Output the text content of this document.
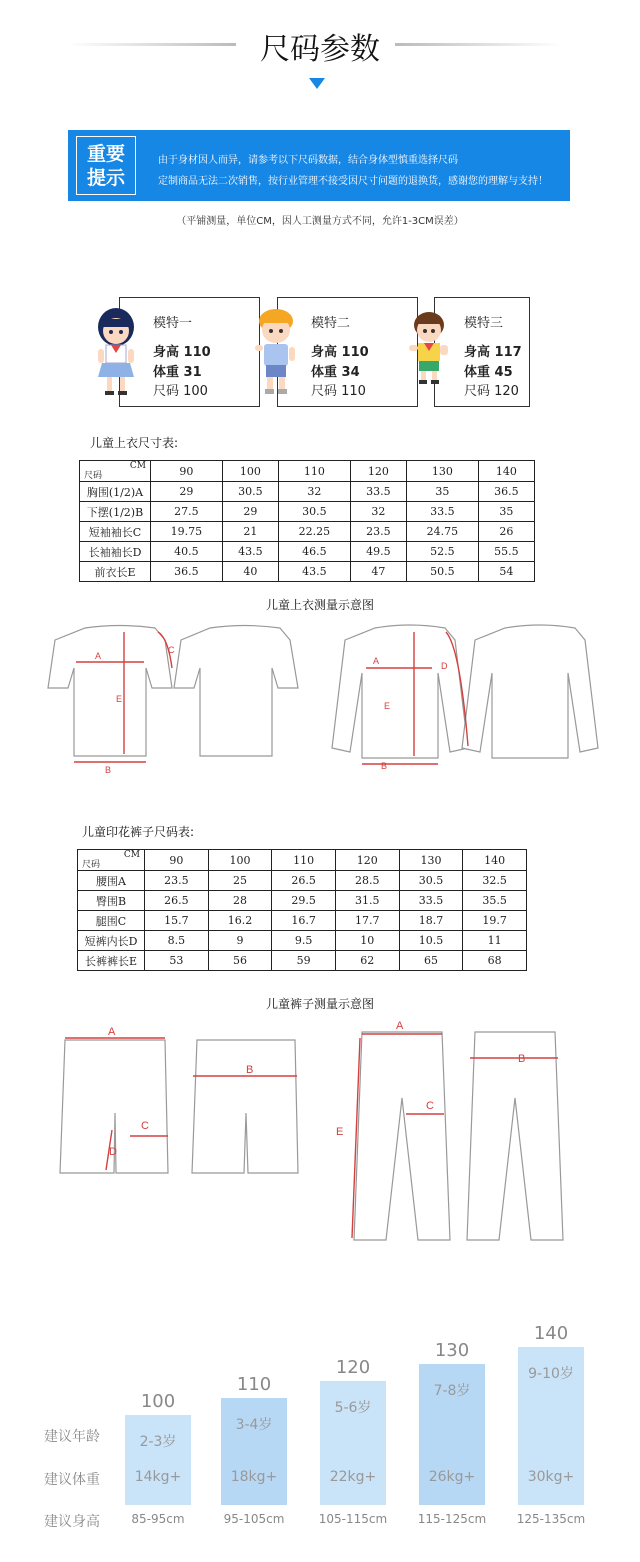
尺码参数
重要
提示
由于身材因人而异，请参考以下尺码数据，结合身体型慎重选择尺码
定制商品无法二次销售，按行业管理不接受因尺寸问题的退换货，感谢您的理解与支持！
（平铺测量，单位CM，因人工测量方式不同，允许1-3CM误差）
模特一
身高 110
体重 31
尺码 100
模特二
身高 110
体重 34
尺码 110
模特三
身高 117
体重 45
尺码 120
儿童上衣尺寸表:
CM
尺码	90	100	110	120	130	140
胸围(1/2)A	29	30.5	32	33.5	35	36.5
下摆(1/2)B	27.5	29	30.5	32	33.5	35
短袖袖长C	19.75	21	22.25	23.5	24.75	26
长袖袖长D	40.5	43.5	46.5	49.5	52.5	55.5
前衣长E	36.5	40	43.5	47	50.5	54
儿童上衣测量示意图
A
B
C
E
A
B
D
E
儿童印花裤子尺码表:
CM
尺码	90	100	110	120	130	140
腰围A	23.5	25	26.5	28.5	30.5	32.5
臀围B	26.5	28	29.5	31.5	33.5	35.5
腿围C	15.7	16.2	16.7	17.7	18.7	19.7
短裤内长D	8.5	9	9.5	10	10.5	11
长裤裤长E	53	56	59	62	65	68
儿童裤子测量示意图
A
C
D
B
A
C
E
B
建议年龄
建议体重
建议身高
100
2-3岁
14kg+
85-95cm
110
3-4岁
18kg+
95-105cm
120
5-6岁
22kg+
105-115cm
130
7-8岁
26kg+
115-125cm
140
9-10岁
30kg+
125-135cm
